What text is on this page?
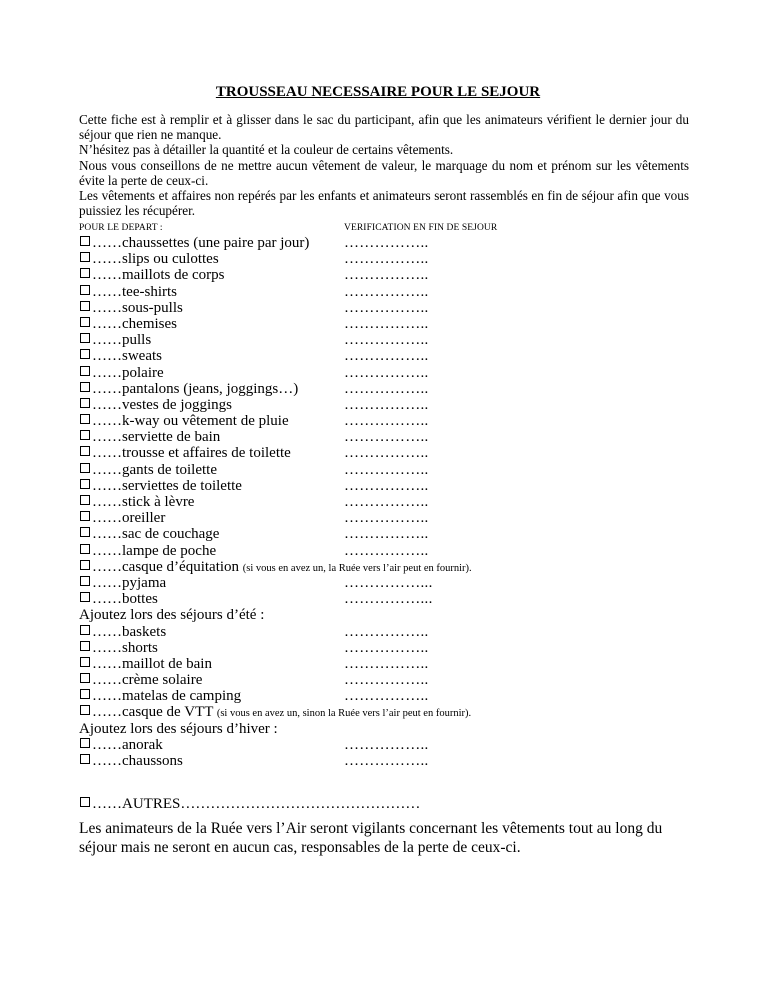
TROUSSEAU NECESSAIRE POUR LE SEJOUR

Cette fiche est à remplir et à glisser dans le sac du participant, afin que les animateurs vérifient le dernier jour du séjour que rien ne manque.

N’hésitez pas à détailler la quantité et la couleur de certains vêtements.

Nous vous conseillons de ne mettre aucun vêtement de valeur, le marquage du nom et prénom sur les vêtements évite la perte de ceux-ci.

Les vêtements et affaires non repérés par les enfants et animateurs seront rassemblés en fin de séjour afin que vous puissiez les récupérer.

POUR LE DEPART :	VERIFICATION EN FIN DE SEJOUR
……chaussettes (une paire par jour) ……………..
……slips ou culottes	……………..
……maillots de corps	……………..
……tee-shirts	……………..
……sous-pulls	……………..
……chemises	……………..
……pulls	……………..
……sweats	……………..
……polaire	……………..
……pantalons (jeans, joggings…)	……………..
……vestes de joggings	……………..
……k-way ou vêtement de pluie	……………..
……serviette de bain	……………..
……trousse et affaires de toilette	……………..
……gants de toilette	……………..
……serviettes de toilette	……………..
……stick à lèvre	……………..
……oreiller	……………..
……sac de couchage	……………..
……lampe de poche	……………..
……casque d’équitation (si vous en avez un, la Ruée vers l’air peut en fournir).
……pyjama	……………...
……bottes	……………...
Ajoutez lors des séjours d’été :
……baskets	……………..
……shorts	……………..
……maillot de bain	……………..
……crème solaire	……………..
……matelas de camping	……………..
……casque de VTT (si vous en avez un, sinon la Ruée vers l’air peut en fournir).
Ajoutez lors des séjours d’hiver :
……anorak	……………..
……chaussons	……………..
……AUTRES…………………………………………
Les animateurs de la Ruée vers l’Air seront vigilants concernant les vêtements tout au long du séjour mais ne seront en aucun cas, responsables de la perte de ceux-ci.
